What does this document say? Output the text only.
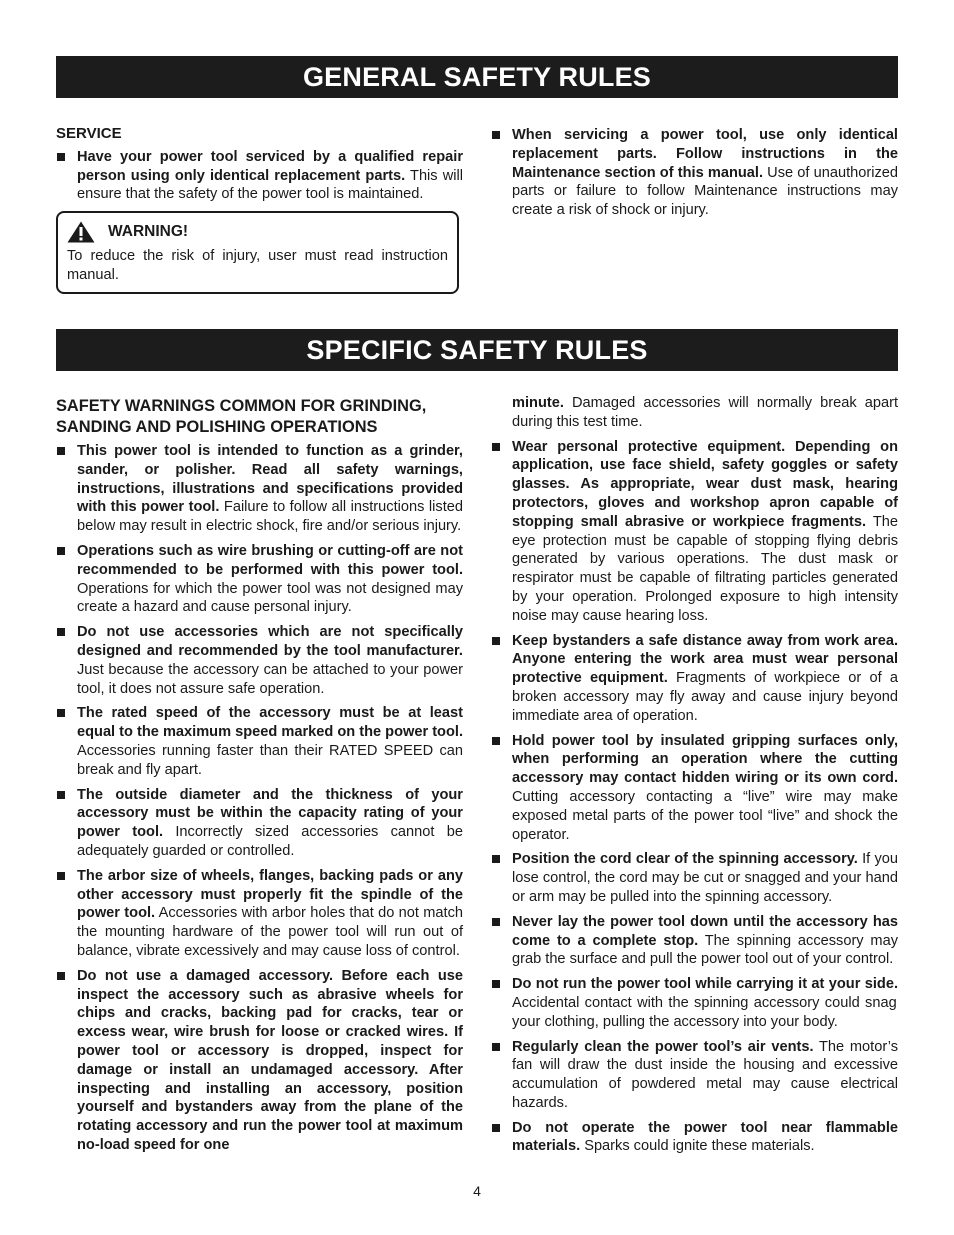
GENERAL SAFETY RULES
SPECIFIC SAFETY RULES
SERVICE
Have your power tool serviced by a qualified repair person using only identical replacement parts. This will ensure that the safety of the power tool is maintained.
WARNING!
To reduce the risk of injury, user must read instruction manual.
When servicing a power tool, use only identical replacement parts. Follow instructions in the Maintenance section of this manual. Use of unauthorized parts or failure to follow Maintenance instructions may create a risk of shock or injury.
SAFETY WARNINGS COMMON FOR GRINDING, SANDING AND POLISHING OPERATIONS
This power tool is intended to function as a grinder, sander, or polisher. Read all safety warnings, instructions, illustrations and specifications provided with this power tool. Failure to follow all instructions listed below may result in electric shock, fire and/or serious injury.
Operations such as wire brushing or cutting-off are not recommended to be performed with this power tool. Operations for which the power tool was not designed may create a hazard and cause personal injury.
Do not use accessories which are not specifically designed and recommended by the tool manufacturer. Just because the accessory can be attached to your power tool, it does not assure safe operation.
The rated speed of the accessory must be at least equal to the maximum speed marked on the power tool. Accessories running faster than their RATED SPEED can break and fly apart.
The outside diameter and the thickness of your accessory must be within the capacity rating of your power tool. Incorrectly sized accessories cannot be adequately guarded or controlled.
The arbor size of wheels, flanges, backing pads or any other accessory must properly fit the spindle of the power tool. Accessories with arbor holes that do not match the mounting hardware of the power tool will run out of balance, vibrate excessively and may cause loss of control.
Do not use a damaged accessory. Before each use inspect the accessory such as abrasive wheels for chips and cracks, backing pad for cracks, tear or excess wear, wire brush for loose or cracked wires. If power tool or accessory is dropped, inspect for damage or install an undamaged accessory. After inspecting and installing an accessory, position yourself and bystanders away from the plane of the rotating accessory and run the power tool at maximum no-load speed for one
minute. Damaged accessories will normally break apart during this test time.
Wear personal protective equipment. Depending on application, use face shield, safety goggles or safety glasses. As appropriate, wear dust mask, hearing protectors, gloves and workshop apron capable of stopping small abrasive or workpiece fragments. The eye protection must be capable of stopping flying debris generated by various operations. The dust mask or respirator must be capable of filtrating particles generated by your operation. Prolonged exposure to high intensity noise may cause hearing loss.
Keep bystanders a safe distance away from work area. Anyone entering the work area must wear personal protective equipment. Fragments of workpiece or of a broken accessory may fly away and cause injury beyond immediate area of operation.
Hold power tool by insulated gripping surfaces only, when performing an operation where the cutting accessory may contact hidden wiring or its own cord. Cutting accessory contacting a “live” wire may make exposed metal parts of the power tool “live” and shock the operator.
Position the cord clear of the spinning accessory. If you lose control, the cord may be cut or snagged and your hand or arm may be pulled into the spinning accessory.
Never lay the power tool down until the accessory has come to a complete stop. The spinning accessory may grab the surface and pull the power tool out of your control.
Do not run the power tool while carrying it at your side. Accidental contact with the spinning accessory could snag your clothing, pulling the accessory into your body.
Regularly clean the power tool’s air vents. The motor’s fan will draw the dust inside the housing and excessive accumulation of powdered metal may cause electrical hazards.
Do not operate the power tool near flammable materials. Sparks could ignite these materials.
4
